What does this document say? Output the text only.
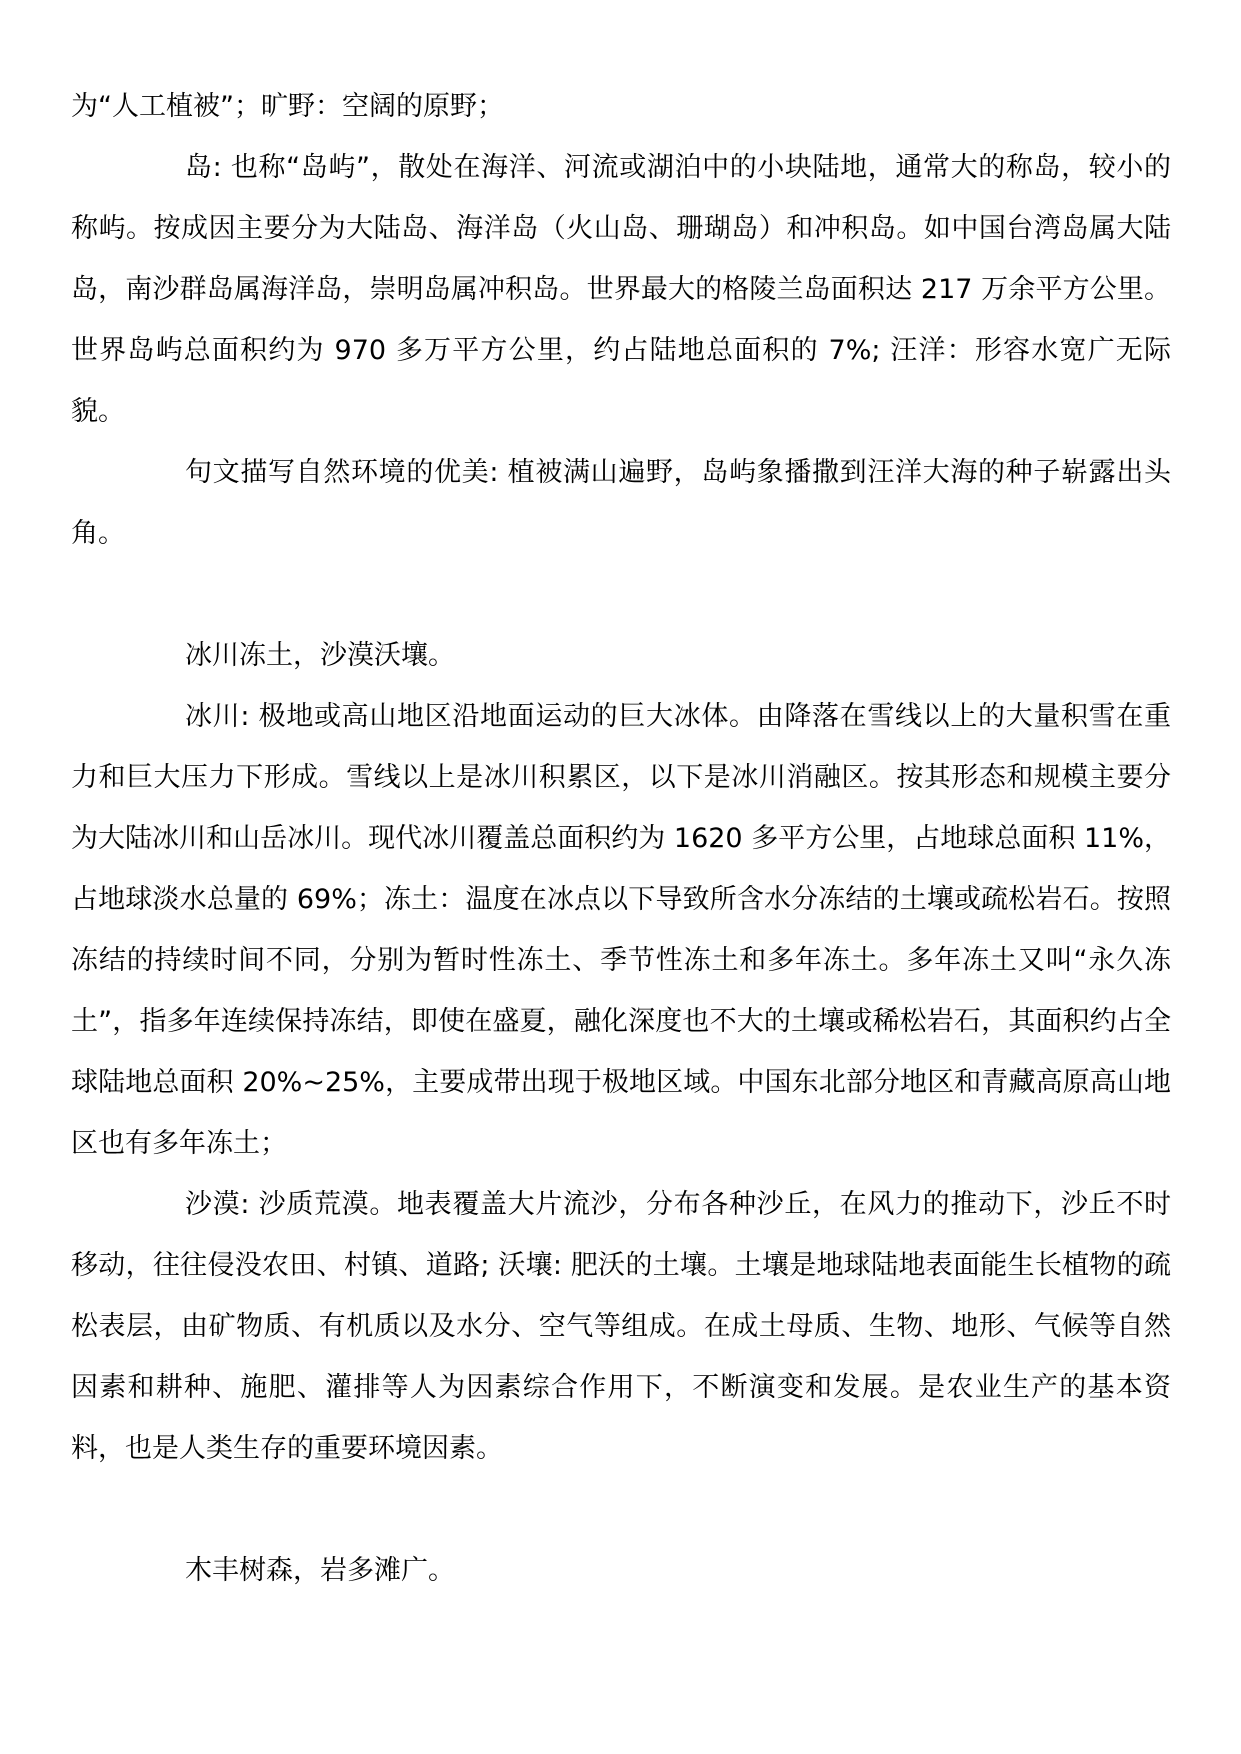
为“人工植被”；旷野：空阔的原野；

岛: 也称“岛屿”，散处在海洋、河流或湖泊中的小块陆地，通常大的称岛，较小的称屿。按成因主要分为大陆岛、海洋岛（火山岛、珊瑚岛）和冲积岛。如中国台湾岛属大陆岛，南沙群岛属海洋岛，崇明岛属冲积岛。世界最大的格陵兰岛面积达 217 万余平方公里。世界岛屿总面积约为 970 多万平方公里，约占陆地总面积的 7%; 汪洋：形容水宽广无际貌。

句文描写自然环境的优美: 植被满山遍野，岛屿象播撒到汪洋大海的种子崭露出头角。

冰川冻土，沙漠沃壤。

冰川: 极地或高山地区沿地面运动的巨大冰体。由降落在雪线以上的大量积雪在重力和巨大压力下形成。雪线以上是冰川积累区，以下是冰川消融区。按其形态和规模主要分为大陆冰川和山岳冰川。现代冰川覆盖总面积约为 1620 多平方公里，占地球总面积 11%，占地球淡水总量的 69%；冻土：温度在冰点以下导致所含水分冻结的土壤或疏松岩石。按照冻结的持续时间不同，分别为暂时性冻土、季节性冻土和多年冻土。多年冻土又叫“永久冻土”，指多年连续保持冻结，即使在盛夏，融化深度也不大的土壤或稀松岩石，其面积约占全球陆地总面积 20%~25%，主要成带出现于极地区域。中国东北部分地区和青藏高原高山地区也有多年冻土；

沙漠: 沙质荒漠。地表覆盖大片流沙，分布各种沙丘，在风力的推动下，沙丘不时移动，往往侵没农田、村镇、道路; 沃壤: 肥沃的土壤。土壤是地球陆地表面能生长植物的疏松表层，由矿物质、有机质以及水分、空气等组成。在成土母质、生物、地形、气候等自然因素和耕种、施肥、灌排等人为因素综合作用下，不断演变和发展。是农业生产的基本资料，也是人类生存的重要环境因素。

木丰树森，岩多滩广。
